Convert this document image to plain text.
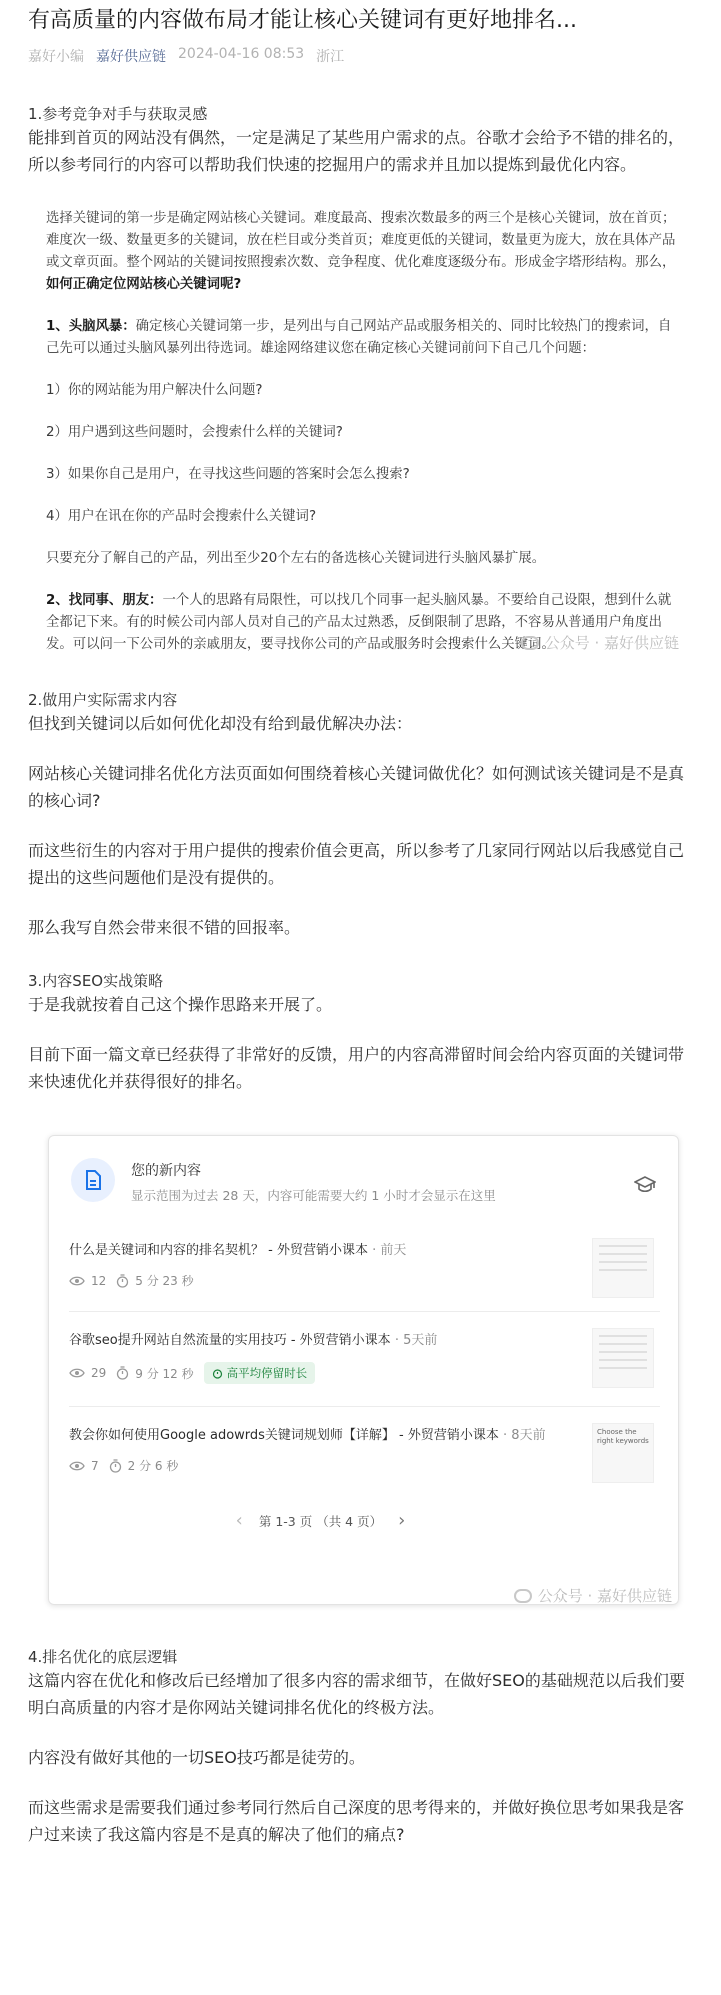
有高质量的内容做布局才能让核心关键词有更好地排名...
嘉好小编 嘉好供应链 2024-04-16 08:53 浙江
1.参考竞争对手与获取灵感
能排到首页的网站没有偶然，一定是满足了某些用户需求的点。谷歌才会给予不错的排名的，所以参考同行的内容可以帮助我们快速的挖掘用户的需求并且加以提炼到最优化内容。

选择关键词的第一步是确定网站核心关键词。难度最高、搜索次数最多的两三个是核心关键词，放在首页；难度次一级、数量更多的关键词，放在栏目或分类首页；难度更低的关键词，数量更为庞大，放在具体产品或文章页面。整个网站的关键词按照搜索次数、竞争程度、优化难度逐级分布。形成金字塔形结构。那么，如何正确定位网站核心关键词呢?

1、头脑风暴：确定核心关键词第一步，是列出与自己网站产品或服务相关的、同时比较热门的搜索词，自己先可以通过头脑风暴列出待选词。雄途网络建议您在确定核心关键词前问下自己几个问题：

1）你的网站能为用户解决什么问题?

2）用户遇到这些问题时，会搜索什么样的关键词?

3）如果你自己是用户，在寻找这些问题的答案时会怎么搜索?

4）用户在讯在你的产品时会搜索什么关键词?

只要充分了解自己的产品，列出至少20个左右的备选核心关键词进行头脑风暴扩展。

2、找同事、朋友：一个人的思路有局限性，可以找几个同事一起头脑风暴。不要给自己设限，想到什么就全都记下来。有的时候公司内部人员对自己的产品太过熟悉，反倒限制了思路，不容易从普通用户角度出发。可以问一下公司外的亲戚朋友，要寻找你公司的产品或服务时会搜索什么关键词。

公众号 · 嘉好供应链
2.做用户实际需求内容
但找到关键词以后如何优化却没有给到最优解决办法：
网站核心关键词排名优化方法页面如何围绕着核心关键词做优化？如何测试该关键词是不是真的核心词?
而这些衍生的内容对于用户提供的搜索价值会更高，所以参考了几家同行网站以后我感觉自己提出的这些问题他们是没有提供的。
那么我写自然会带来很不错的回报率。
3.内容SEO实战策略
于是我就按着自己这个操作思路来开展了。
目前下面一篇文章已经获得了非常好的反馈，用户的内容高滞留时间会给内容页面的关键词带来快速优化并获得很好的排名。
您的新内容
显示范围为过去 28 天，内容可能需要大约 1 小时才会显示在这里
什么是关键词和内容的排名契机？ - 外贸营销小课本 · 前天
12 5 分 23 秒
谷歌seo提升网站自然流量的实用技巧 - 外贸营销小课本 · 5天前
29 9 分 12 秒	高平均停留时长
教会你如何使用Google adowrds关键词规划师【详解】 - 外贸营销小课本 · 8天前
7 2 分 6 秒
Choose the right keywords
‹ 第 1-3 页 （共 4 页） ›
公众号 · 嘉好供应链
4.排名优化的底层逻辑
这篇内容在优化和修改后已经增加了很多内容的需求细节，在做好SEO的基础规范以后我们要明白高质量的内容才是你网站关键词排名优化的终极方法。
内容没有做好其他的一切SEO技巧都是徒劳的。
而这些需求是需要我们通过参考同行然后自己深度的思考得来的，并做好换位思考如果我是客户过来读了我这篇内容是不是真的解决了他们的痛点?
